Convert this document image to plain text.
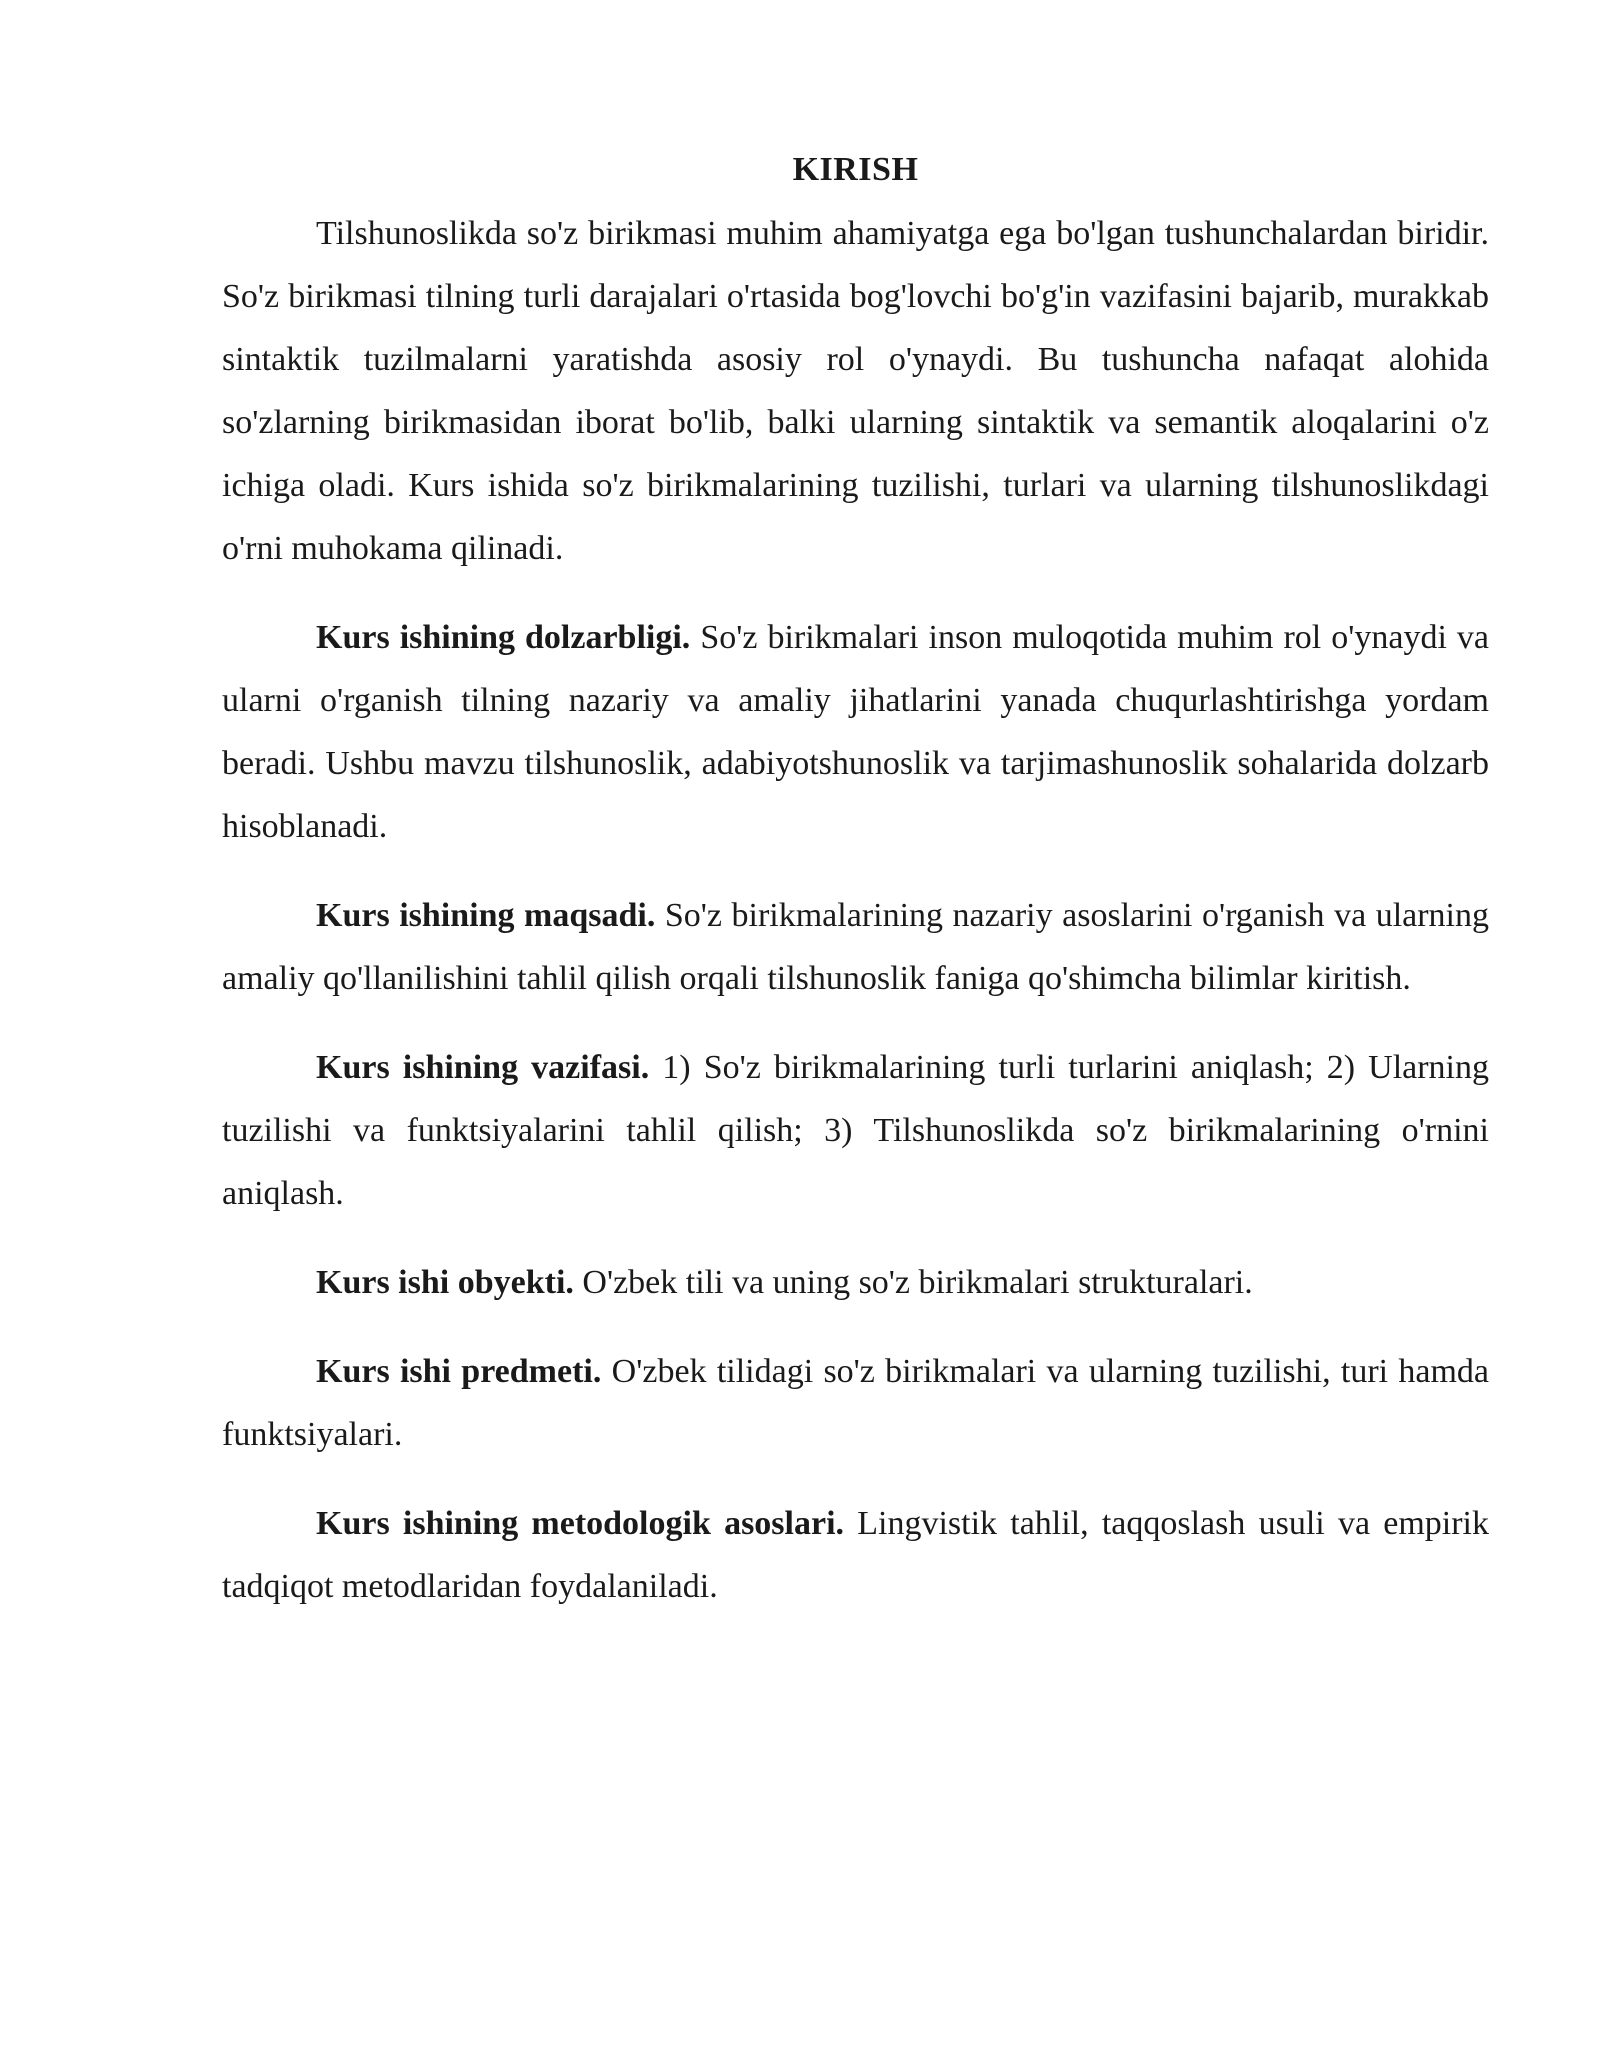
KIRISH

Tilshunoslikda so'z birikmasi muhim ahamiyatga ega bo'lgan tushunchalardan biridir. So'z birikmasi tilning turli darajalari o'rtasida bog'lovchi bo'g'in vazifasini bajarib, murakkab sintaktik tuzilmalarni yaratishda asosiy rol o'ynaydi. Bu tushuncha nafaqat alohida so'zlarning birikmasidan iborat bo'lib, balki ularning sintaktik va semantik aloqalarini o'z ichiga oladi. Kurs ishida so'z birikmalarining tuzilishi, turlari va ularning tilshunoslikdagi o'rni muhokama qilinadi.

Kurs ishining dolzarbligi. So'z birikmalari inson muloqotida muhim rol o'ynaydi va ularni o'rganish tilning nazariy va amaliy jihatlarini yanada chuqurlashtirishga yordam beradi. Ushbu mavzu tilshunoslik, adabiyotshunoslik va tarjimashunoslik sohalarida dolzarb hisoblanadi.

Kurs ishining maqsadi. So'z birikmalarining nazariy asoslarini o'rganish va ularning amaliy qo'llanilishini tahlil qilish orqali tilshunoslik faniga qo'shimcha bilimlar kiritish.

Kurs ishining vazifasi. 1) So'z birikmalarining turli turlarini aniqlash; 2) Ularning tuzilishi va funktsiyalarini tahlil qilish; 3) Tilshunoslikda so'z birikmalarining o'rnini aniqlash.

Kurs ishi obyekti. O'zbek tili va uning so'z birikmalari strukturalari.

Kurs ishi predmeti. O'zbek tilidagi so'z birikmalari va ularning tuzilishi, turi hamda funktsiyalari.

Kurs ishining metodologik asoslari. Lingvistik tahlil, taqqoslash usuli va empirik tadqiqot metodlaridan foydalaniladi.
